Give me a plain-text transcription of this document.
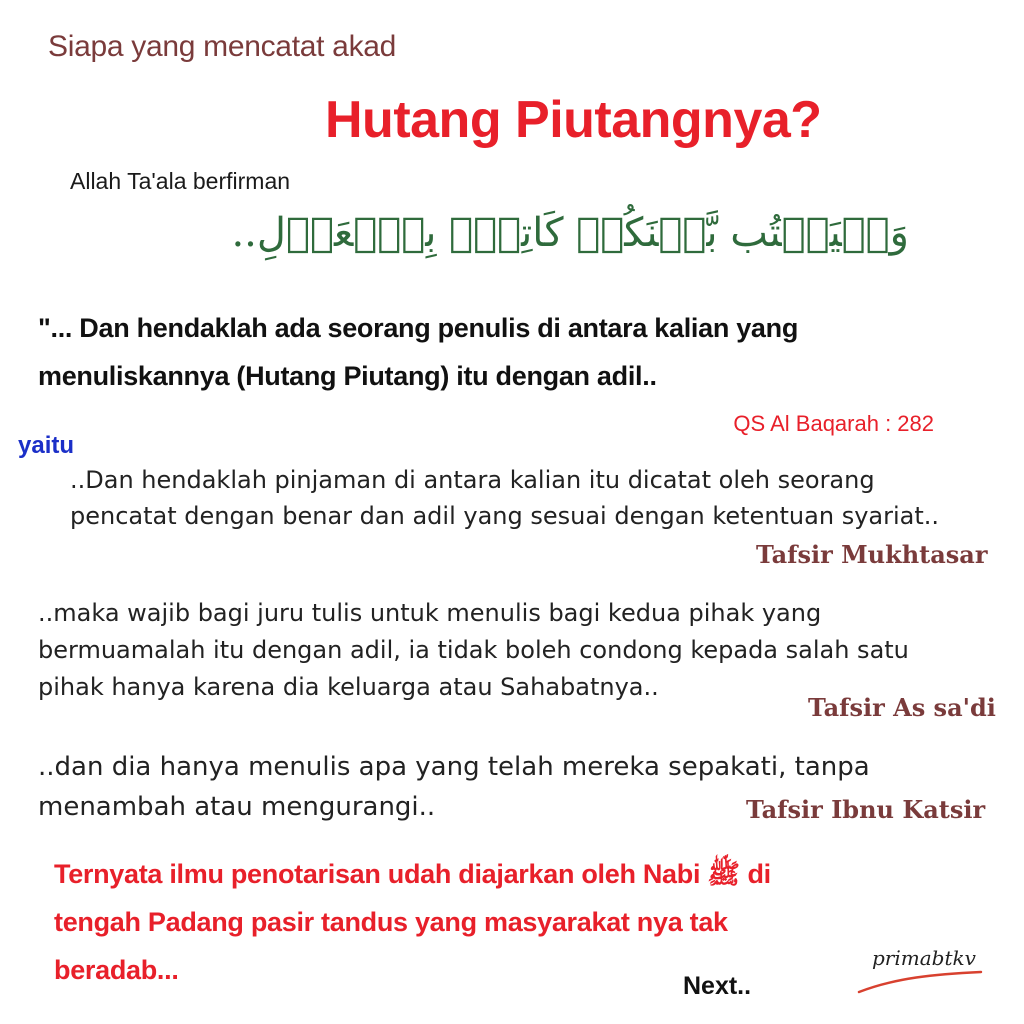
Siapa yang mencatat akad
Hutang Piutangnya?
Allah Ta'ala berfirman
وَلۡيَكۡتُب بَّيۡنَكُمۡ كَاتِبُۢ بِٱلۡعَدۡلِ..
"... Dan hendaklah ada seorang penulis di antara kalian yang menuliskannya (Hutang Piutang) itu dengan adil..
QS Al Baqarah : 282
yaitu
..Dan hendaklah pinjaman di antara kalian itu dicatat oleh seorang pencatat dengan benar dan adil yang sesuai dengan ketentuan syariat..
Tafsir Mukhtasar
..maka wajib bagi juru tulis untuk menulis bagi kedua pihak yang bermuamalah itu dengan adil, ia tidak boleh condong kepada salah satu pihak hanya karena dia keluarga atau Sahabatnya..
Tafsir As sa'di
..dan dia hanya menulis apa yang telah mereka sepakati, tanpa menambah atau mengurangi..	Tafsir Ibnu Katsir
Ternyata ilmu penotarisan udah diajarkan oleh Nabi ﷺ di tengah Padang pasir tandus yang masyarakat nya tak beradab...
Next..
primabtkv
